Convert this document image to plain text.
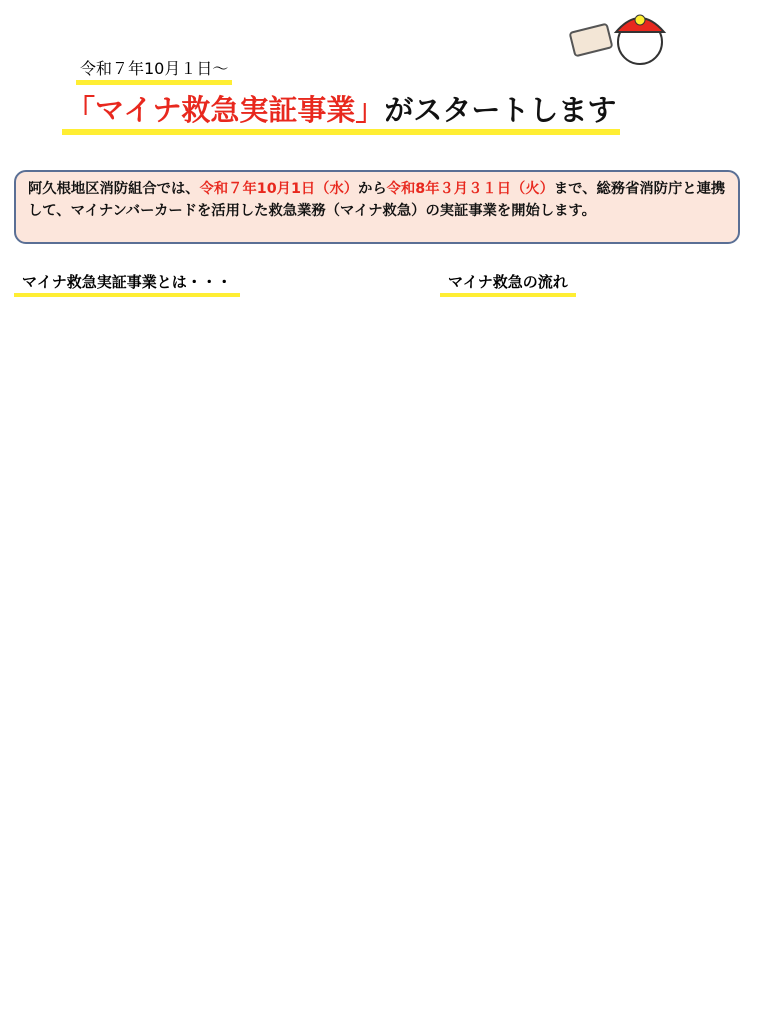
令和７年10月１日～
「マイナ救急実証事業」がスタートします
阿久根地区消防組合では、令和７年10月1日（水）から令和8年３月３１日（火）まで、総務省消防庁と連携して、マイナンバーカードを活用した救急業務（マイナ救急）の実証事業を開始します。
マイナ救急実証事業とは・・・	マイナ救急の流れ
